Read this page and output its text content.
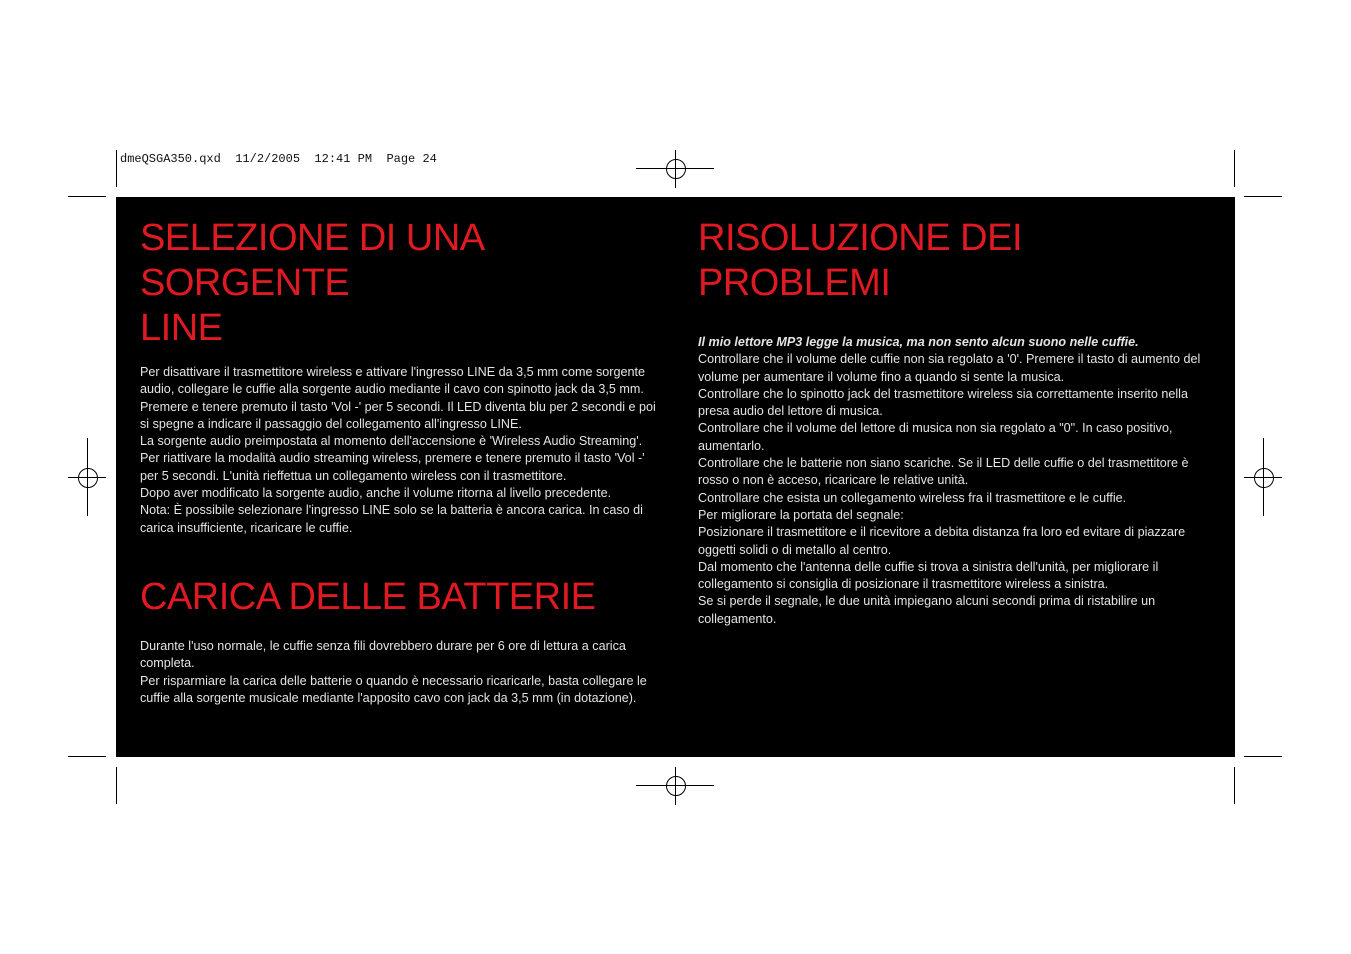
dmeQSGA350.qxd  11/2/2005  12:41 PM  Page 24
SELEZIONE DI UNA SORGENTE
LINE

Per disattivare il trasmettitore wireless e attivare l'ingresso LINE da 3,5 mm come sorgente audio, collegare le cuffie alla sorgente audio mediante il cavo con spinotto jack da 3,5 mm. Premere e tenere premuto il tasto 'Vol -' per 5 secondi. Il LED diventa blu per 2 secondi e poi si spegne a indicare il passaggio del collegamento all'ingresso LINE.

La sorgente audio preimpostata al momento dell'accensione è 'Wireless Audio Streaming'.

Per riattivare la modalità audio streaming wireless, premere e tenere premuto il tasto 'Vol -' per 5 secondi. L'unità rieffettua un collegamento wireless con il trasmettitore.

Dopo aver modificato la sorgente audio, anche il volume ritorna al livello precedente.

Nota: È possibile selezionare l'ingresso LINE solo se la batteria è ancora carica. In caso di carica insufficiente, ricaricare le cuffie.

CARICA DELLE BATTERIE

Durante l'uso normale, le cuffie senza fili dovrebbero durare per 6 ore di lettura a carica completa.

Per risparmiare la carica delle batterie o quando è necessario ricaricarle, basta collegare le cuffie alla sorgente musicale mediante l'apposito cavo con jack da 3,5 mm (in dotazione).

RISOLUZIONE DEI PROBLEMI

Il mio lettore MP3 legge la musica, ma non sento alcun suono nelle cuffie.

Controllare che il volume delle cuffie non sia regolato a '0'. Premere il tasto di aumento del volume per aumentare il volume fino a quando si sente la musica.

Controllare che lo spinotto jack del trasmettitore wireless sia correttamente inserito nella presa audio del lettore di musica.

Controllare che il volume del lettore di musica non sia regolato a "0". In caso positivo, aumentarlo.

Controllare che le batterie non siano scariche. Se il LED delle cuffie o del trasmettitore è rosso o non è acceso, ricaricare le relative unità.

Controllare che esista un collegamento wireless fra il trasmettitore e le cuffie.

Per migliorare la portata del segnale:

Posizionare il trasmettitore e il ricevitore a debita distanza fra loro ed evitare di piazzare oggetti solidi o di metallo al centro.

Dal momento che l'antenna delle cuffie si trova a sinistra dell'unità, per migliorare il collegamento si consiglia di posizionare il trasmettitore wireless a sinistra.

Se si perde il segnale, le due unità impiegano alcuni secondi prima di ristabilire un collegamento.
